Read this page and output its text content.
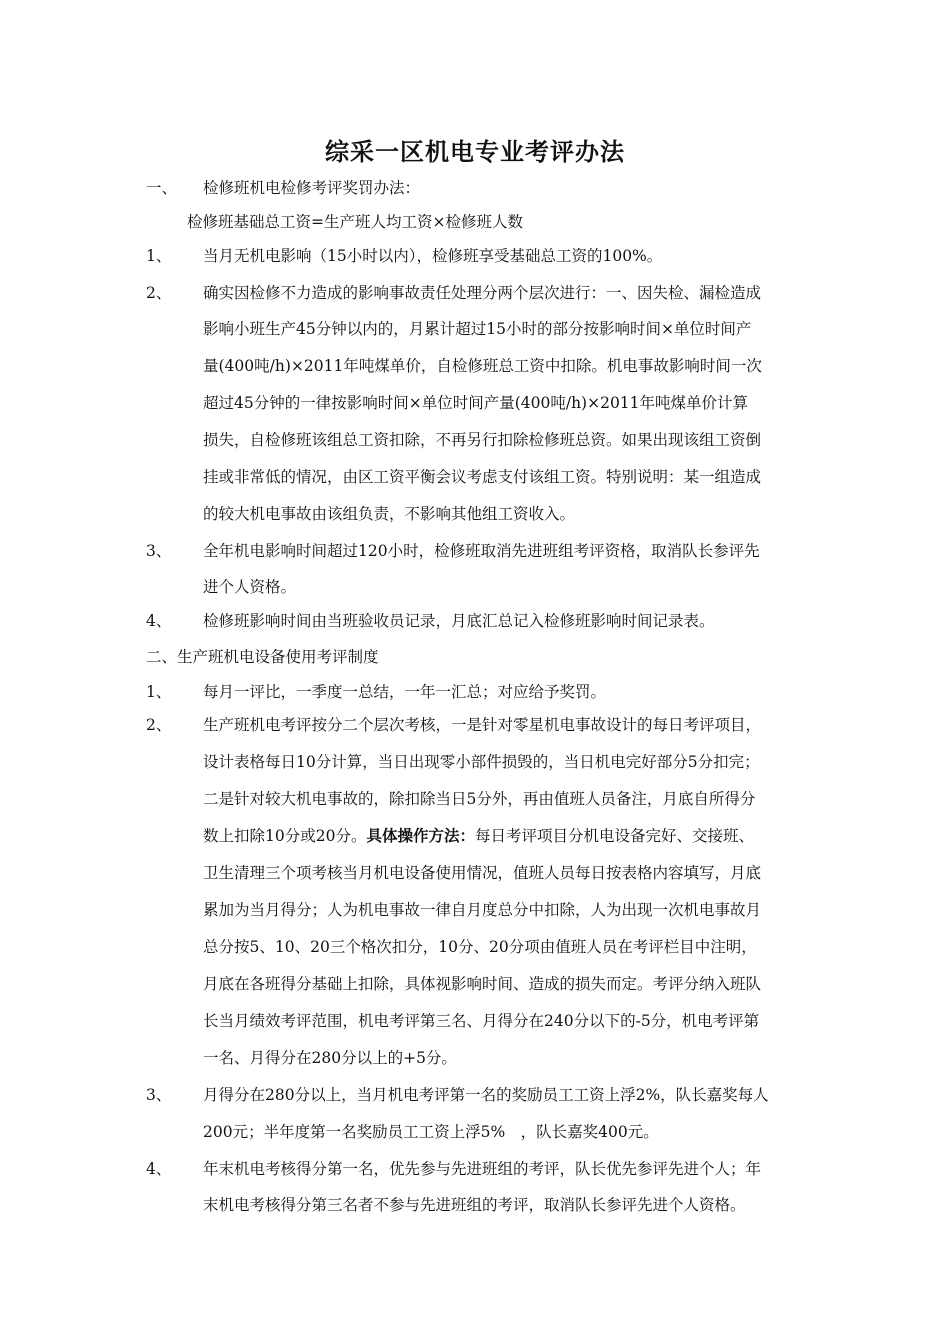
综采一区机电专业考评办法
一、 检修班机电检修考评奖罚办法：
检修班基础总工资=生产班人均工资×检修班人数
1、 当月无机电影响（15小时以内），检修班享受基础总工资的100%。
2、 确实因检修不力造成的影响事故责任处理分两个层次进行：一、因失检、漏检造成
影响小班生产45分钟以内的，月累计超过15小时的部分按影响时间×单位时间产
量(400吨/h)×2011年吨煤单价，自检修班总工资中扣除。机电事故影响时间一次
超过45分钟的一律按影响时间×单位时间产量(400吨/h)×2011年吨煤单价计算
损失，自检修班该组总工资扣除，不再另行扣除检修班总资。如果出现该组工资倒
挂或非常低的情况，由区工资平衡会议考虑支付该组工资。特别说明：某一组造成
的较大机电事故由该组负责，不影响其他组工资收入。
3、 全年机电影响时间超过120小时，检修班取消先进班组考评资格，取消队长参评先
进个人资格。
4、 检修班影响时间由当班验收员记录，月底汇总记入检修班影响时间记录表。
二、生产班机电设备使用考评制度
1、 每月一评比，一季度一总结，一年一汇总；对应给予奖罚。
2、 生产班机电考评按分二个层次考核，一是针对零星机电事故设计的每日考评项目，
设计表格每日10分计算，当日出现零小部件损毁的，当日机电完好部分5分扣完；
二是针对较大机电事故的，除扣除当日5分外，再由值班人员备注，月底自所得分
数上扣除10分或20分。具体操作方法：每日考评项目分机电设备完好、交接班、
卫生清理三个项考核当月机电设备使用情况，值班人员每日按表格内容填写，月底
累加为当月得分；人为机电事故一律自月度总分中扣除，人为出现一次机电事故月
总分按5、10、20三个格次扣分，10分、20分项由值班人员在考评栏目中注明，
月底在各班得分基础上扣除，具体视影响时间、造成的损失而定。考评分纳入班队
长当月绩效考评范围，机电考评第三名、月得分在240分以下的-5分，机电考评第
一名、月得分在280分以上的+5分。
3、 月得分在280分以上，当月机电考评第一名的奖励员工工资上浮2%，队长嘉奖每人
200元；半年度第一名奖励员工工资上浮5%　，队长嘉奖400元。
4、 年末机电考核得分第一名，优先参与先进班组的考评，队长优先参评先进个人；年
末机电考核得分第三名者不参与先进班组的考评，取消队长参评先进个人资格。
